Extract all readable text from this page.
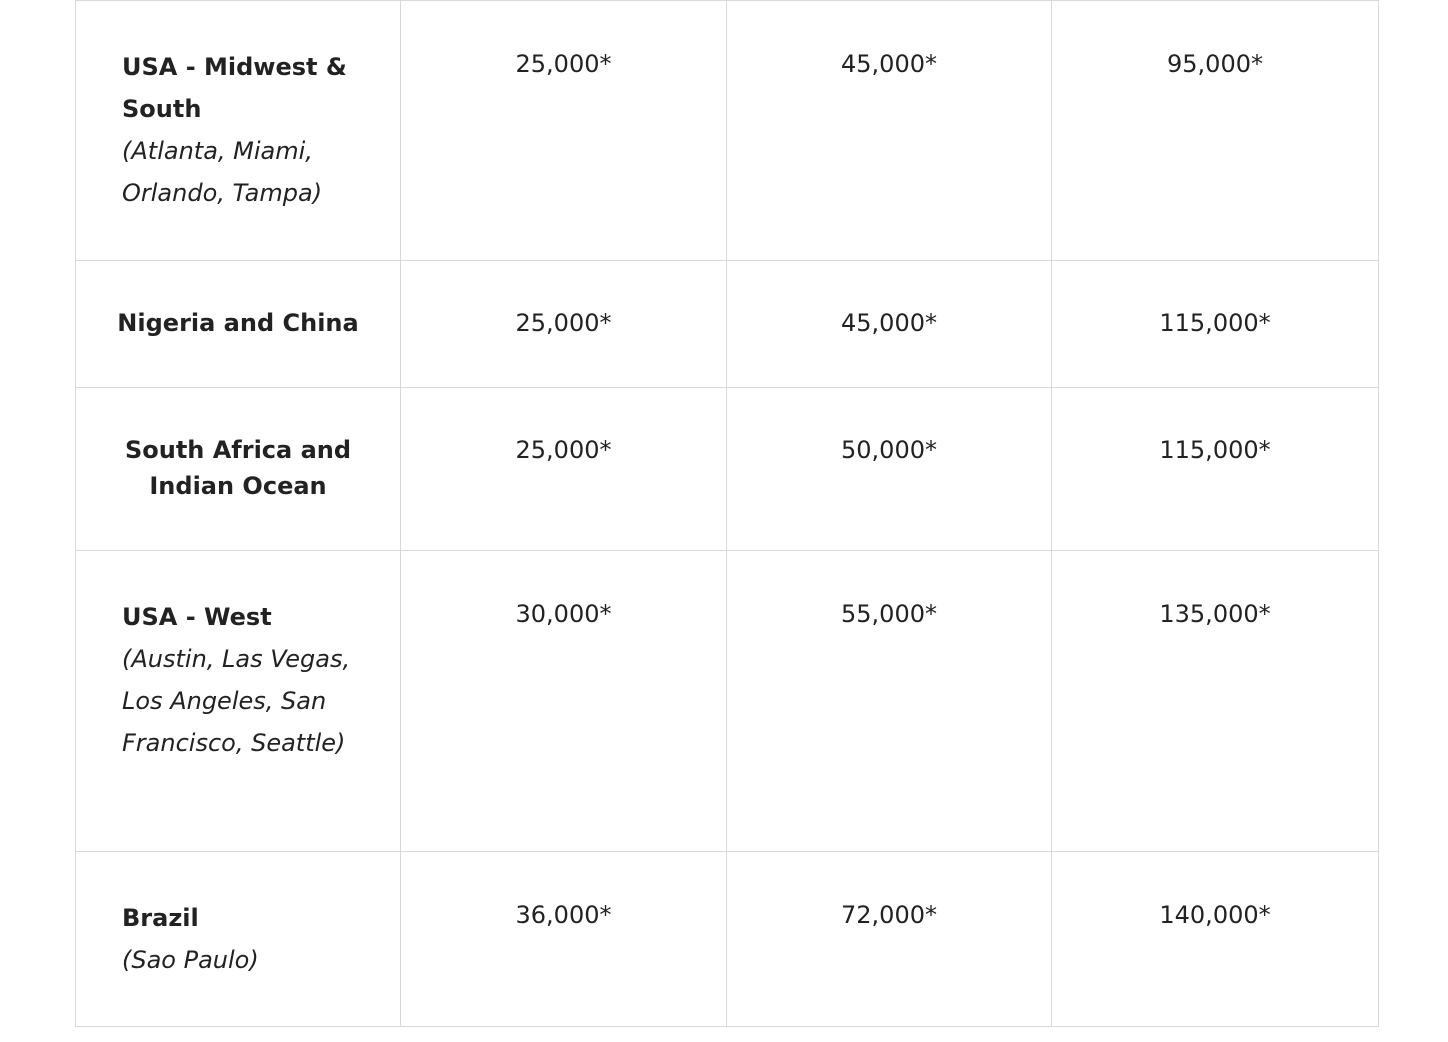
USA - Midwest & South
(Atlanta, Miami, Orlando, Tampa)	25,000*	45,000*	95,000*

Nigeria and China	25,000*	45,000*	115,000*

South Africa and Indian Ocean	25,000*	50,000*	115,000*

USA - West
(Austin, Las Vegas, Los Angeles, San Francisco, Seattle)	30,000*	55,000*	135,000*

Brazil
(Sao Paulo)	36,000*	72,000*	140,000*
